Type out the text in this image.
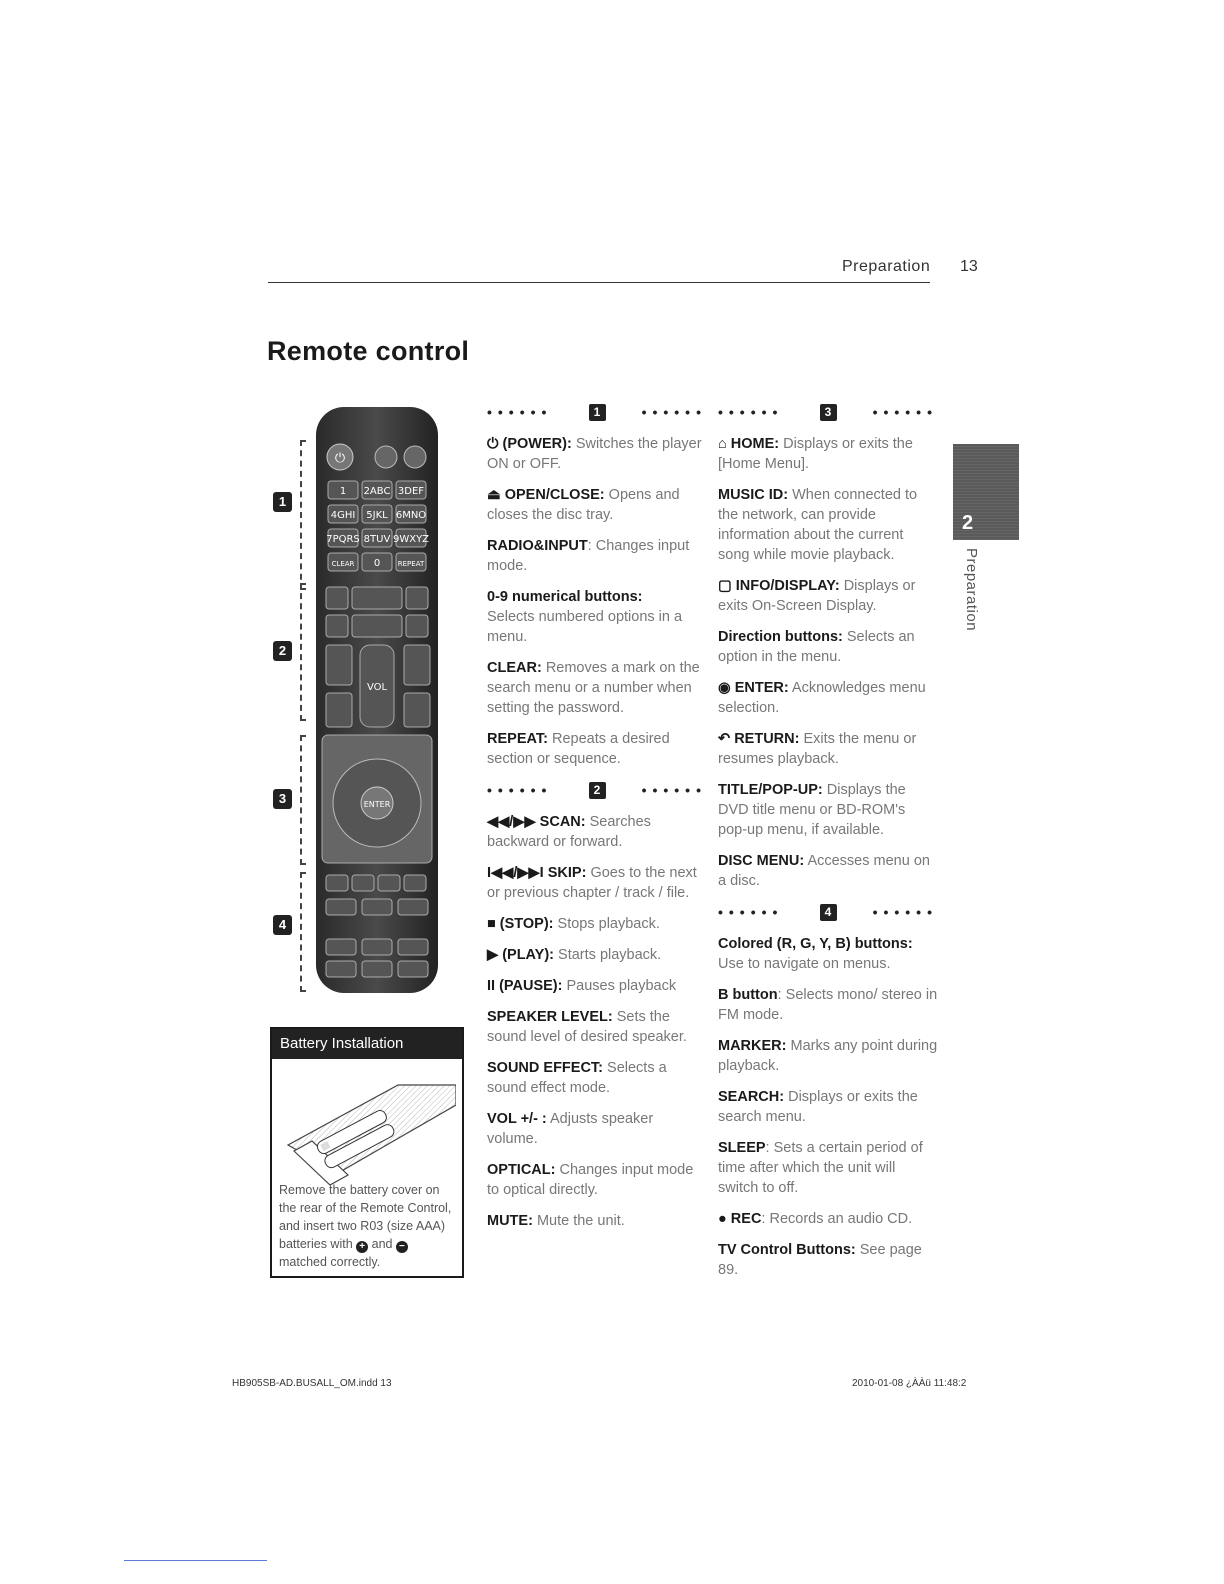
Preparation 13
Remote control
2
Preparation
1
2
3
4
⏻
1 2ABC 3DEF
4GHI 5JKL 6MNO
7PQRS 8TUV 9WXYZ
CLEAR 0	REPEAT
VOL
ENTER
Battery Installation
Remove the battery cover on the rear of the Remote Control, and insert two R03 (size AAA) batteries with + and − matched correctly.
••••••	1	••••••

⏻ (POWER): Switches the player ON or OFF.

⏏ OPEN/CLOSE: Opens and closes the disc tray.

RADIO&INPUT: Changes input mode.

0-9 numerical buttons:
Selects numbered options in a menu.

CLEAR: Removes a mark on the search menu or a number when setting the password.

REPEAT: Repeats a desired section or sequence.

••••••	2	••••••

◀◀/▶▶ SCAN: Searches backward or forward.

I◀◀/▶▶I SKIP: Goes to the next or previous chapter / track / file.

■ (STOP): Stops playback.

▶ (PLAY): Starts playback.

II (PAUSE): Pauses playback

SPEAKER LEVEL: Sets the sound level of desired speaker.

SOUND EFFECT: Selects a sound effect mode.

VOL +/- : Adjusts speaker volume.

OPTICAL: Changes input mode to optical directly.

MUTE: Mute the unit.

••••••	3	••••••

⌂ HOME: Displays or exits the [Home Menu].

MUSIC ID: When connected to the network, can provide information about the current song while movie playback.

▢ INFO/DISPLAY: Displays or exits On-Screen Display.

Direction buttons: Selects an option in the menu.

◉ ENTER: Acknowledges menu selection.

↶ RETURN: Exits the menu or resumes playback.

TITLE/POP-UP: Displays the DVD title menu or BD-ROM's pop-up menu, if available.

DISC MENU: Accesses menu on a disc.

••••••	4	••••••

Colored (R, G, Y, B) buttons:
Use to navigate on menus.

B button: Selects mono/ stereo in FM mode.

MARKER: Marks any point during playback.

SEARCH: Displays or exits the search menu.

SLEEP: Sets a certain period of time after which the unit will switch to off.

● REC: Records an audio CD.

TV Control Buttons: See page 89.

HB905SB-AD.BUSALL_OM.indd 13	2010-01-08 ¿ÀÀü 11:48:2
